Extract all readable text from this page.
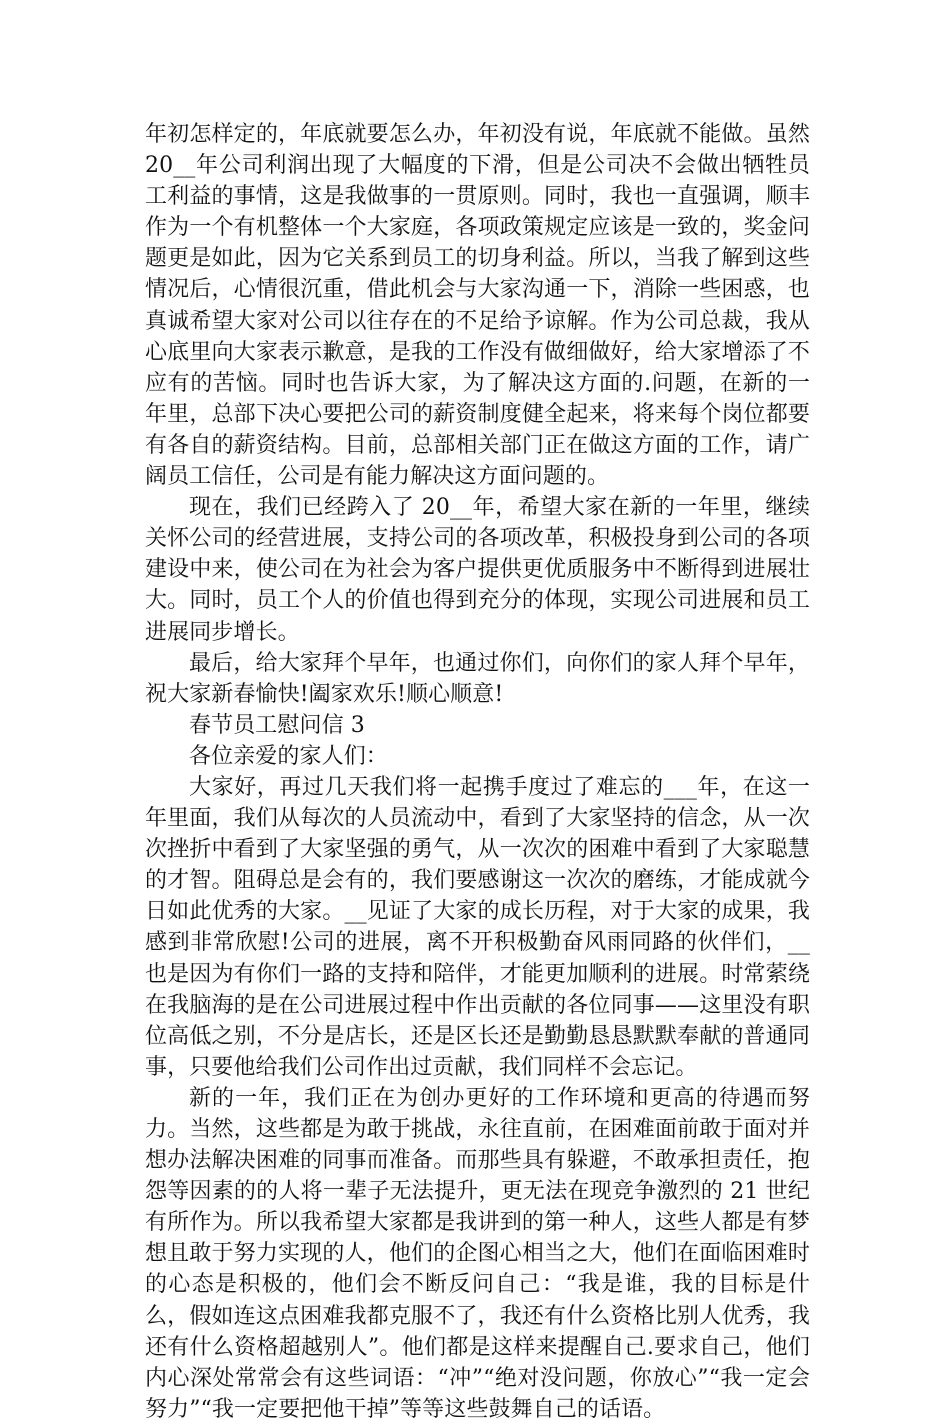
年初怎样定的，年底就要怎么办，年初没有说，年底就不能做。虽然 20__年公司利润出现了大幅度的下滑，但是公司决不会做出牺牲员工利益的事情，这是我做事的一贯原则。同时，我也一直强调，顺丰作为一个有机整体一个大家庭，各项政策规定应该是一致的，奖金问题更是如此，因为它关系到员工的切身利益。所以，当我了解到这些情况后，心情很沉重，借此机会与大家沟通一下，消除一些困惑，也真诚希望大家对公司以往存在的不足给予谅解。作为公司总裁，我从心底里向大家表示歉意，是我的工作没有做细做好，给大家增添了不应有的苦恼。同时也告诉大家，为了解决这方面的.问题，在新的一年里，总部下决心要把公司的薪资制度健全起来，将来每个岗位都要有各自的薪资结构。目前，总部相关部门正在做这方面的工作，请广阔员工信任，公司是有能力解决这方面问题的。

现在，我们已经跨入了 20__年，希望大家在新的一年里，继续关怀公司的经营进展，支持公司的各项改革，积极投身到公司的各项建设中来，使公司在为社会为客户提供更优质服务中不断得到进展壮大。同时，员工个人的价值也得到充分的体现，实现公司进展和员工进展同步增长。

最后，给大家拜个早年，也通过你们，向你们的家人拜个早年，祝大家新春愉快!阖家欢乐!顺心顺意!

春节员工慰问信 3

各位亲爱的家人们：

大家好，再过几天我们将一起携手度过了难忘的___年，在这一年里面，我们从每次的人员流动中，看到了大家坚持的信念，从一次次挫折中看到了大家坚强的勇气，从一次次的困难中看到了大家聪慧的才智。阻碍总是会有的，我们要感谢这一次次的磨练，才能成就今日如此优秀的大家。__见证了大家的成长历程，对于大家的成果，我感到非常欣慰!公司的进展，离不开积极勤奋风雨同路的伙伴们，__也是因为有你们一路的支持和陪伴，才能更加顺利的进展。时常萦绕在我脑海的是在公司进展过程中作出贡献的各位同事——这里没有职位高低之别，不分是店长，还是区长还是勤勤恳恳默默奉献的普通同事，只要他给我们公司作出过贡献，我们同样不会忘记。

新的一年，我们正在为创办更好的工作环境和更高的待遇而努力。当然，这些都是为敢于挑战，永往直前，在困难面前敢于面对并想办法解决困难的同事而准备。而那些具有躲避，不敢承担责任，抱怨等因素的的人将一辈子无法提升，更无法在现竞争激烈的 21 世纪有所作为。所以我希望大家都是我讲到的第一种人，这些人都是有梦想且敢于努力实现的人，他们的企图心相当之大，他们在面临困难时的心态是积极的，他们会不断反问自己：“我是谁，我的目标是什么，假如连这点困难我都克服不了，我还有什么资格比别人优秀，我还有什么资格超越别人”。他们都是这样来提醒自己.要求自己，他们内心深处常常会有这些词语：“冲”“绝对没问题，你放心”“我一定会努力”“我一定要把他干掉”等等这些鼓舞自己的话语。
